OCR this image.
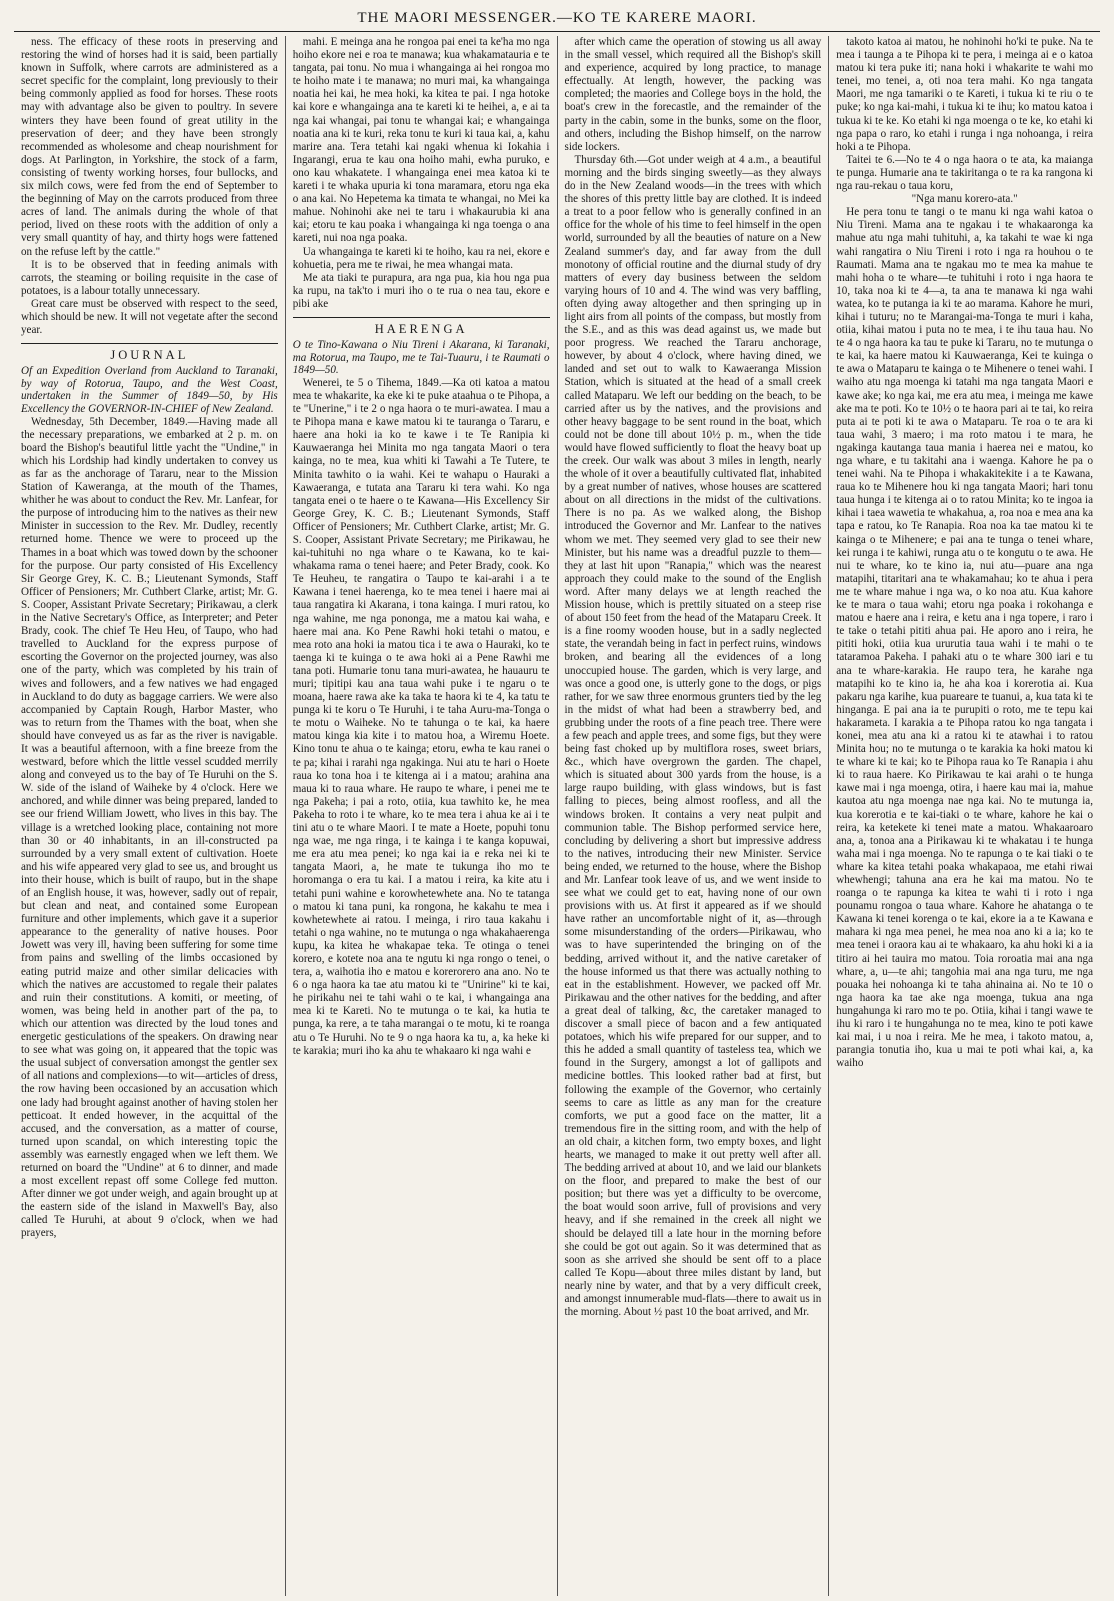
THE MAORI MESSENGER.—KO TE KARERE MAORI.

ness. The efficacy of these roots in preserving and restoring the wind of horses had it is said, been partially known in Suffolk, where carrots are administered as a secret specific for the complaint, long previously to their being commonly applied as food for horses. These roots may with advantage also be given to poultry. In severe winters they have been found of great utility in the preservation of deer; and they have been strongly recommended as wholesome and cheap nourishment for dogs. At Parlington, in Yorkshire, the stock of a farm, consisting of twenty working horses, four bullocks, and six milch cows, were fed from the end of September to the beginning of May on the carrots produced from three acres of land. The animals during the whole of that period, lived on these roots with the addition of only a very small quantity of hay, and thirty hogs were fattened on the refuse left by the cattle."

It is to be observed that in feeding animals with carrots, the steaming or boiling requisite in the case of potatoes, is a labour totally unnecessary.

Great care must be observed with respect to the seed, which should be new. It will not vegetate after the second year.

JOURNAL

Of an Expedition Overland from Auckland to Taranaki, by way of Rotorua, Taupo, and the West Coast, undertaken in the Summer of 1849—50, by His Excellency the GOVERNOR-IN-CHIEF of New Zealand.

Wednesday, 5th December, 1849.—Having made all the necessary preparations, we embarked at 2 p. m. on board the Bishop's beautiful little yacht the "Undine," in which his Lordship had kindly undertaken to convey us as far as the anchorage of Tararu, near to the Mission Station of Kaweranga, at the mouth of the Thames, whither he was about to conduct the Rev. Mr. Lanfear, for the purpose of introducing him to the natives as their new Minister in succession to the Rev. Mr. Dudley, recently returned home. Thence we were to proceed up the Thames in a boat which was towed down by the schooner for the purpose. Our party consisted of His Excellency Sir George Grey, K. C. B.; Lieutenant Symonds, Staff Officer of Pensioners; Mr. Cuthbert Clarke, artist; Mr. G. S. Cooper, Assistant Private Secretary; Pirikawau, a clerk in the Native Secretary's Office, as Interpreter; and Peter Brady, cook. The chief Te Heu Heu, of Taupo, who had travelled to Auckland for the express purpose of escorting the Governor on the projected journey, was also one of the party, which was completed by his train of wives and followers, and a few natives we had engaged in Auckland to do duty as baggage carriers. We were also accompanied by Captain Rough, Harbor Master, who was to return from the Thames with the boat, when she should have conveyed us as far as the river is navigable. It was a beautiful afternoon, with a fine breeze from the westward, before which the little vessel scudded merrily along and conveyed us to the bay of Te Huruhi on the S. W. side of the island of Waiheke by 4 o'clock. Here we anchored, and while dinner was being prepared, landed to see our friend William Jowett, who lives in this bay. The village is a wretched looking place, containing not more than 30 or 40 inhabitants, in an ill-constructed pa surrounded by a very small extent of cultivation. Hoete and his wife appeared very glad to see us, and brought us into their house, which is built of raupo, but in the shape of an English house, it was, however, sadly out of repair, but clean and neat, and contained some European furniture and other implements, which gave it a superior appearance to the generality of native houses. Poor Jowett was very ill, having been suffering for some time from pains and swelling of the limbs occasioned by eating putrid maize and other similar delicacies with which the natives are accustomed to regale their palates and ruin their constitutions. A komiti, or meeting, of women, was being held in another part of the pa, to which our attention was directed by the loud tones and energetic gesticulations of the speakers. On drawing near to see what was going on, it appeared that the topic was the usual subject of conversation amongst the gentler sex of all nations and complexions—to wit—articles of dress, the row having been occasioned by an accusation which one lady had brought against another of having stolen her petticoat. It ended however, in the acquittal of the accused, and the conversation, as a matter of course, turned upon scandal, on which interesting topic the assembly was earnestly engaged when we left them. We returned on board the "Undine" at 6 to dinner, and made a most excellent repast off some College fed mutton. After dinner we got under weigh, and again brought up at the eastern side of the island in Maxwell's Bay, also called Te Huruhi, at about 9 o'clock, when we had prayers,

mahi. E meinga ana he rongoa pai enei ta ke'ha mo nga hoiho ekore nei e roa te manawa; kua whakamatauria e te tangata, pai tonu. No mua i whangainga ai hei rongoa mo te hoiho mate i te manawa; no muri mai, ka whangainga noatia hei kai, he mea hoki, ka kitea te pai. I nga hotoke kai kore e whangainga ana te kareti ki te heihei, a, e ai ta nga kai whangai, pai tonu te whangai kai; e whangainga noatia ana ki te kuri, reka tonu te kuri ki taua kai, a, kahu marire ana. Tera tetahi kai ngaki whenua ki Iokahia i Ingarangi, erua te kau ona hoiho mahi, ewha puruko, e ono kau whakatete. I whangainga enei mea katoa ki te kareti i te whaka upuria ki tona maramara, etoru nga eka o ana kai. No Hepetema ka timata te whangai, no Mei ka mahue. Nohinohi ake nei te taru i whakaurubia ki ana kai; etoru te kau poaka i whangainga ki nga toenga o ana kareti, nui noa nga poaka.

Ua whangainga te kareti ki te hoiho, kau ra nei, ekore e kohuetia, pera me te riwai, he mea whangai mata.

Me ata tiaki te purapura, ara nga pua, kia hou nga pua ka rupu, na tak'to i muri iho o te rua o nea tau, ekore e pibi ake

HAERENGA

O te Tino-Kawana o Niu Tireni i Akarana, ki Taranaki, ma Rotorua, ma Taupo, me te Tai-Tuauru, i te Raumati o 1849—50.

Wenerei, te 5 o Tihema, 1849.—Ka oti katoa a matou mea te whakarite, ka eke ki te puke ataahua o te Pihopa, a te "Unerine," i te 2 o nga haora o te muri-awatea. I mau a te Pihopa mana e kawe matou ki te tauranga o Tararu, e haere ana hoki ia ko te kawe i te Te Ranipia ki Kauwaeranga hei Minita mo nga tangata Maori o tera kainga, no te mea, kua whiti ki Tawahi a Te Tutere, te Minita tawhito o ia wahi. Kei te wahapu o Hauraki a Kawaeranga, e tutata ana Tararu ki tera wahi. Ko nga tangata enei o te haere o te Kawana—His Excellency Sir George Grey, K. C. B.; Lieutenant Symonds, Staff Officer of Pensioners; Mr. Cuthbert Clarke, artist; Mr. G. S. Cooper, Assistant Private Secretary; me Pirikawau, he kai-tuhituhi no nga whare o te Kawana, ko te kai-whakama rama o tenei haere; and Peter Brady, cook. Ko Te Heuheu, te rangatira o Taupo te kai-arahi i a te Kawana i tenei haerenga, ko te mea tenei i haere mai ai taua rangatira ki Akarana, i tona kainga. I muri ratou, ko nga wahine, me nga pononga, me a matou kai waha, e haere mai ana. Ko Pene Rawhi hoki tetahi o matou, e mea roto ana hoki ia matou tica i te awa o Hauraki, ko te taenga ki te kuinga o te awa hoki ai a Pene Rawhi me tana poti. Humarie tonu tana muri-awatea, he hauauru te muri; tipitipi kau ana taua wahi puke i te ngaru o te moana, haere rawa ake ka taka te haora ki te 4, ka tatu te punga ki te koru o Te Huruhi, i te taha Auru-ma-Tonga o te motu o Waiheke. No te tahunga o te kai, ka haere matou kinga kia kite i to matou hoa, a Wiremu Hoete. Kino tonu te ahua o te kainga; etoru, ewha te kau ranei o te pa; kihai i rarahi nga ngakinga. Nui atu te hari o Hoete raua ko tona hoa i te kitenga ai i a matou; arahina ana maua ki to raua whare. He raupo te whare, i penei me te nga Pakeha; i pai a roto, otiia, kua tawhito ke, he mea Pakeha to roto i te whare, ko te mea tera i ahua ke ai i te tini atu o te whare Maori. I te mate a Hoete, popuhi tonu nga wae, me nga ringa, i te kainga i te kanga kopuwai, me era atu mea penei; ko nga kai ia e reka nei ki te tangata Maori, a, he mate te tukunga iho mo te horomanga o era tu kai. I a matou i reira, ka kite atu i tetahi puni wahine e korowhetewhete ana. No te tatanga o matou ki tana puni, ka rongona, he kakahu te mea i kowhetewhete ai ratou. I meinga, i riro taua kakahu i tetahi o nga wahine, no te mutunga o nga whakahaerenga kupu, ka kitea he whakapae teka. Te otinga o tenei korero, e kotete noa ana te ngutu ki nga rongo o tenei, o tera, a, waihotia iho e matou e korerorero ana ano. No te 6 o nga haora ka tae atu matou ki te "Unirine" ki te kai, he pirikahu nei te tahi wahi o te kai, i whangainga ana mea ki te Kareti. No te mutunga o te kai, ka hutia te punga, ka rere, a te taha marangai o te motu, ki te roanga atu o Te Huruhi. No te 9 o nga haora ka tu, a, ka heke ki te karakia; muri iho ka ahu te whakaaro ki nga wahi e

after which came the operation of stowing us all away in the small vessel, which required all the Bishop's skill and experience, acquired by long practice, to manage effectually. At length, however, the packing was completed; the maories and College boys in the hold, the boat's crew in the forecastle, and the remainder of the party in the cabin, some in the bunks, some on the floor, and others, including the Bishop himself, on the narrow side lockers.

Thursday 6th.—Got under weigh at 4 a.m., a beautiful morning and the birds singing sweetly—as they always do in the New Zealand woods—in the trees with which the shores of this pretty little bay are clothed. It is indeed a treat to a poor fellow who is generally confined in an office for the whole of his time to feel himself in the open world, surrounded by all the beauties of nature on a New Zealand summer's day, and far away from the dull monotony of official routine and the diurnal study of dry matters of every day business between the seldom varying hours of 10 and 4. The wind was very baffling, often dying away altogether and then springing up in light airs from all points of the compass, but mostly from the S.E., and as this was dead against us, we made but poor progress. We reached the Tararu anchorage, however, by about 4 o'clock, where having dined, we landed and set out to walk to Kawaeranga Mission Station, which is situated at the head of a small creek called Mataparu. We left our bedding on the beach, to be carried after us by the natives, and the provisions and other heavy baggage to be sent round in the boat, which could not be done till about 10½ p. m., when the tide would have flowed sufficiently to float the heavy boat up the creek. Our walk was about 3 miles in length, nearly the whole of it over a beautifully cultivated flat, inhabited by a great number of natives, whose houses are scattered about on all directions in the midst of the cultivations. There is no pa. As we walked along, the Bishop introduced the Governor and Mr. Lanfear to the natives whom we met. They seemed very glad to see their new Minister, but his name was a dreadful puzzle to them—they at last hit upon "Ranapia," which was the nearest approach they could make to the sound of the English word. After many delays we at length reached the Mission house, which is prettily situated on a steep rise of about 150 feet from the head of the Mataparu Creek. It is a fine roomy wooden house, but in a sadly neglected state, the verandah being in fact in perfect ruins, windows broken, and bearing all the evidences of a long unoccupied house. The garden, which is very large, and was once a good one, is utterly gone to the dogs, or pigs rather, for we saw three enormous grunters tied by the leg in the midst of what had been a strawberry bed, and grubbing under the roots of a fine peach tree. There were a few peach and apple trees, and some figs, but they were being fast choked up by multiflora roses, sweet briars, &c., which have overgrown the garden. The chapel, which is situated about 300 yards from the house, is a large raupo building, with glass windows, but is fast falling to pieces, being almost roofless, and all the windows broken. It contains a very neat pulpit and communion table. The Bishop performed service here, concluding by delivering a short but impressive address to the natives, introducing their new Minister. Service being ended, we returned to the house, where the Bishop and Mr. Lanfear took leave of us, and we went inside to see what we could get to eat, having none of our own provisions with us. At first it appeared as if we should have rather an uncomfortable night of it, as—through some misunderstanding of the orders—Pirikawau, who was to have superintended the bringing on of the bedding, arrived without it, and the native caretaker of the house informed us that there was actually nothing to eat in the establishment. However, we packed off Mr. Pirikawau and the other natives for the bedding, and after a great deal of talking, &c, the caretaker managed to discover a small piece of bacon and a few antiquated potatoes, which his wife prepared for our supper, and to this he added a small quantity of tasteless tea, which we found in the Surgery, amongst a lot of gallipots and medicine bottles. This looked rather bad at first, but following the example of the Governor, who certainly seems to care as little as any man for the creature comforts, we put a good face on the matter, lit a tremendous fire in the sitting room, and with the help of an old chair, a kitchen form, two empty boxes, and light hearts, we managed to make it out pretty well after all. The bedding arrived at about 10, and we laid our blankets on the floor, and prepared to make the best of our position; but there was yet a difficulty to be overcome, the boat would soon arrive, full of provisions and very heavy, and if she remained in the creek all night we should be delayed till a late hour in the morning before she could be got out again. So it was determined that as soon as she arrived she should be sent off to a place called Te Kopu—about three miles distant by land, but nearly nine by water, and that by a very difficult creek, and amongst innumerable mud-flats—there to await us in the morning. About ½ past 10 the boat arrived, and Mr.

takoto katoa ai matou, he nohinohi ho'ki te puke. Na te mea i taunga a te Pihopa ki te pera, i meinga ai e o katoa matou ki tera puke iti; nana hoki i whakarite te wahi mo tenei, mo tenei, a, oti noa tera mahi. Ko nga tangata Maori, me nga tamariki o te Kareti, i tukua ki te riu o te puke; ko nga kai-mahi, i tukua ki te ihu; ko matou katoa i tukua ki te ke. Ko etahi ki nga moenga o te ke, ko etahi ki nga papa o raro, ko etahi i runga i nga nohoanga, i reira hoki a te Pihopa.

Taitei te 6.—No te 4 o nga haora o te ata, ka maianga te punga. Humarie ana te takiritanga o te ra ka rangona ki nga rau-rekau o taua koru,

"Nga manu korero-ata."

He pera tonu te tangi o te manu ki nga wahi katoa o Niu Tireni. Mama ana te ngakau i te whakaaronga ka mahue atu nga mahi tuhituhi, a, ka takahi te wae ki nga wahi rangatira o Niu Tireni i roto i nga ra houhou o te Raumati. Mama ana te ngakau mo te mea ka mahue te mahi hoha o te whare—te tuhituhi i roto i nga haora te 10, taka noa ki te 4—a, ta ana te manawa ki nga wahi watea, ko te putanga ia ki te ao marama. Kahore he muri, kihai i tuturu; no te Marangai-ma-Tonga te muri i kaha, otiia, kihai matou i puta no te mea, i te ihu taua hau. No te 4 o nga haora ka tau te puke ki Tararu, no te mutunga o te kai, ka haere matou ki Kauwaeranga, Kei te kuinga o te awa o Mataparu te kainga o te Mihenere o tenei wahi. I waiho atu nga moenga ki tatahi ma nga tangata Maori e kawe ake; ko nga kai, me era atu mea, i meinga me kawe ake ma te poti. Ko te 10½ o te haora pari ai te tai, ko reira puta ai te poti ki te awa o Mataparu. Te roa o te ara ki taua wahi, 3 maero; i ma roto matou i te mara, he ngakinga kautanga taua mania i haerea nei e matou, ko nga whare, e tu takitahi ana i waenga. Kahore he pa o tenei wahi. Na te Pihopa i whakakitekite i a te Kawana, raua ko te Mihenere hou ki nga tangata Maori; hari tonu taua hunga i te kitenga ai o to ratou Minita; ko te ingoa ia kihai i taea wawetia te whakahua, a, roa noa e mea ana ka tapa e ratou, ko Te Ranapia. Roa noa ka tae matou ki te kainga o te Mihenere; e pai ana te tunga o tenei whare, kei runga i te kahiwi, runga atu o te kongutu o te awa. He nui te whare, ko te kino ia, nui atu—puare ana nga matapihi, titaritari ana te whakamahau; ko te ahua i pera me te whare mahue i nga wa, o ko noa atu. Kua kahore ke te mara o taua wahi; etoru nga poaka i rokohanga e matou e haere ana i reira, e ketu ana i nga topere, i raro i te take o tetahi pititi ahua pai. He aporo ano i reira, he pititi hoki, otiia kua ururutia taua wahi i te mahi o te tataramoa Pakeha. I pahaki atu o te whare 300 iari e tu ana te whare-karakia. He raupo tera, he karahe nga matapihi ko te kino ia, he aha koa i korerotia ai. Kua pakaru nga karihe, kua puareare te tuanui, a, kua tata ki te hinganga. E pai ana ia te purupiti o roto, me te tepu kai hakarameta. I karakia a te Pihopa ratou ko nga tangata i konei, mea atu ana ki a ratou ki te atawhai i to ratou Minita hou; no te mutunga o te karakia ka hoki matou ki te whare ki te kai; ko te Pihopa raua ko Te Ranapia i ahu ki to raua haere. Ko Pirikawau te kai arahi o te hunga kawe mai i nga moenga, otira, i haere kau mai ia, mahue kautoa atu nga moenga nae nga kai. No te mutunga ia, kua korerotia e te kai-tiaki o te whare, kahore he kai o reira, ka ketekete ki tenei mate a matou. Whakaaroaro ana, a, tonoa ana a Pirikawau ki te whakatau i te hunga waha mai i nga moenga. No te rapunga o te kai tiaki o te whare ka kitea tetahi poaka whakapaoa, me etahi riwai whewhengi; tahuna ana era he kai ma matou. No te roanga o te rapunga ka kitea te wahi ti i roto i nga pounamu rongoa o taua whare. Kahore he ahatanga o te Kawana ki tenei korenga o te kai, ekore ia a te Kawana e mahara ki nga mea penei, he mea noa ano ki a ia; ko te mea tenei i oraora kau ai te whakaaro, ka ahu hoki ki a ia titiro ai hei tauira mo matou. Toia roroatia mai ana nga whare, a, u—te ahi; tangohia mai ana nga turu, me nga pouaka hei nohoanga ki te taha ahinaina ai. No te 10 o nga haora ka tae ake nga moenga, tukua ana nga hungahunga ki raro mo te po. Otiia, kihai i tangi wawe te ihu ki raro i te hungahunga no te mea, kino te poti kawe kai mai, i u noa i reira. Me he mea, i takoto matou, a, parangia tonutia iho, kua u mai te poti whai kai, a, ka waiho
